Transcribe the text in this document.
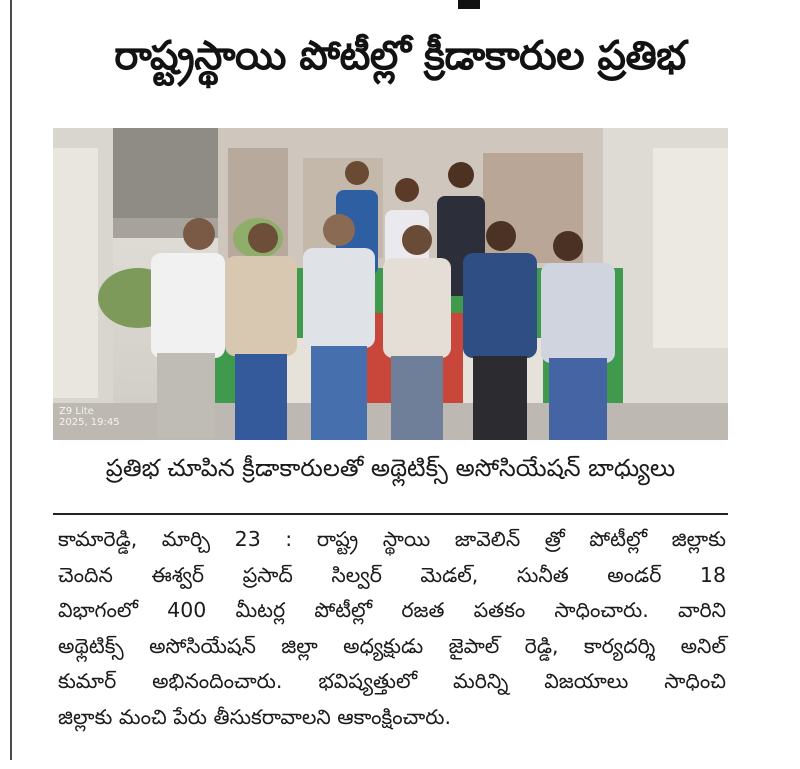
రాష్ట్రస్థాయి పోటీల్లో క్రీడాకారుల ప్రతిభ
Z9 Lite
2025, 19:45
ప్రతిభ చూపిన క్రీడాకారులతో అథ్లెటిక్స్ అసోసియేషన్ బాధ్యులు
కామారెడ్డి, మార్చి 23 : రాష్ట్ర స్థాయి జావెలిన్ త్రో పోటీల్లో జిల్లాకు
చెందిన ఈశ్వర్ ప్రసాద్ సిల్వర్ మెడల్, సునీత అండర్ 18
విభాగంలో 400 మీటర్ల పోటీల్లో రజత పతకం సాధించారు. వారిని
అథ్లెటిక్స్ అసోసియేషన్ జిల్లా అధ్యక్షుడు జైపాల్ రెడ్డి, కార్యదర్శి అనిల్
కుమార్ అభినందించారు. భవిష్యత్తులో మరిన్ని విజయాలు సాధించి
జిల్లాకు మంచి పేరు తీసుకరావాలని ఆకాంక్షించారు.
